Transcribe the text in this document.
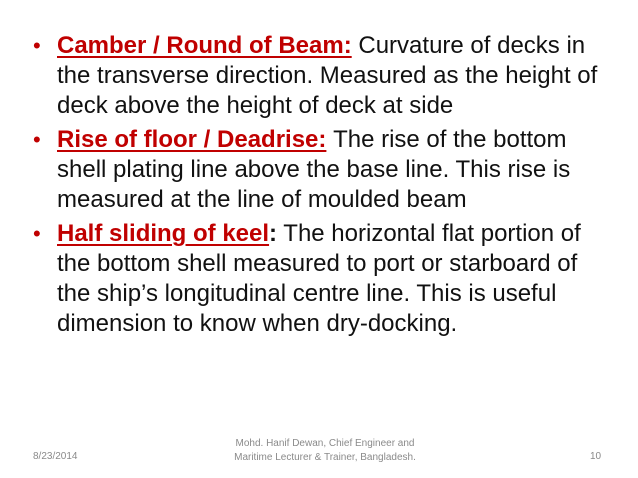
• Camber / Round of Beam: Curvature of decks in the transverse direction. Measured as the height of deck above the height of deck at side
• Rise of floor / Deadrise: The rise of the bottom shell plating line above the base line. This rise is measured at the line of moulded beam
• Half sliding of keel: The horizontal flat portion of the bottom shell measured to port or starboard of the ship’s longitudinal centre line. This is useful dimension to know when dry-docking.
8/23/2014
Mohd. Hanif Dewan, Chief Engineer and
Maritime Lecturer & Trainer, Bangladesh.	10
